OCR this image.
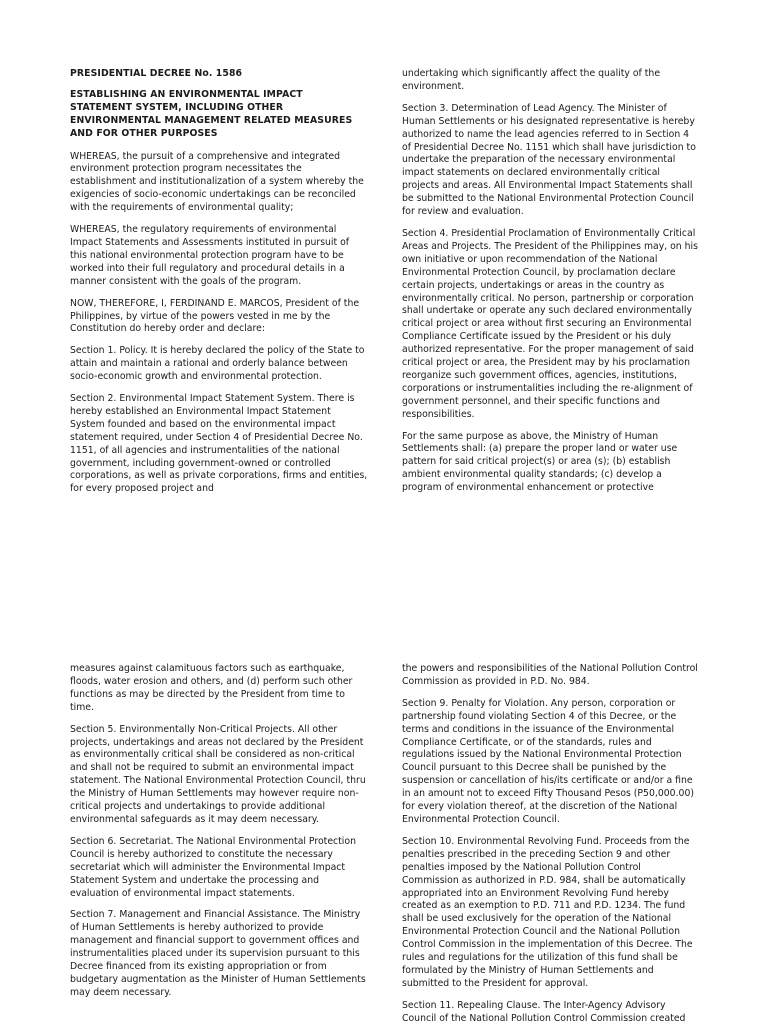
PRESIDENTIAL DECREE No. 1586

ESTABLISHING AN ENVIRONMENTAL IMPACT STATEMENT SYSTEM, INCLUDING OTHER ENVIRONMENTAL MANAGEMENT RELATED MEASURES AND FOR OTHER PURPOSES

WHEREAS, the pursuit of a comprehensive and integrated environment protection program necessitates the establishment and institutionalization of a system whereby the exigencies of socio-economic undertakings can be reconciled with the requirements of environmental quality;

WHEREAS, the regulatory requirements of environmental Impact Statements and Assessments instituted in pursuit of this national environmental protection program have to be worked into their full regulatory and procedural details in a manner consistent with the goals of the program.

NOW, THEREFORE, I, FERDINAND E. MARCOS, President of the Philippines, by virtue of the powers vested in me by the Constitution do hereby order and declare:

Section 1. Policy. It is hereby declared the policy of the State to attain and maintain a rational and orderly balance between socio-economic growth and environmental protection.

Section 2. Environmental Impact Statement System. There is hereby established an Environmental Impact Statement System founded and based on the environmental impact statement required, under Section 4 of Presidential Decree No. 1151, of all agencies and instrumentalities of the national government, including government-owned or controlled corporations, as well as private corporations, firms and entities, for every proposed project and

undertaking which significantly affect the quality of the environment.

Section 3. Determination of Lead Agency. The Minister of Human Settlements or his designated representative is hereby authorized to name the lead agencies referred to in Section 4 of Presidential Decree No. 1151 which shall have jurisdiction to undertake the preparation of the necessary environmental impact statements on declared environmentally critical projects and areas. All Environmental Impact Statements shall be submitted to the National Environmental Protection Council for review and evaluation.

Section 4. Presidential Proclamation of Environmentally Critical Areas and Projects. The President of the Philippines may, on his own initiative or upon recommendation of the National Environmental Protection Council, by proclamation declare certain projects, undertakings or areas in the country as environmentally critical. No person, partnership or corporation shall undertake or operate any such declared environmentally critical project or area without first securing an Environmental Compliance Certificate issued by the President or his duly authorized representative. For the proper management of said critical project or area, the President may by his proclamation reorganize such government offices, agencies, institutions, corporations or instrumentalities including the re-alignment of government personnel, and their specific functions and responsibilities.

For the same purpose as above, the Ministry of Human Settlements shall: (a) prepare the proper land or water use pattern for said critical project(s) or area (s); (b) establish ambient environmental quality standards; (c) develop a program of environmental enhancement or protective

measures against calamituous factors such as earthquake, floods, water erosion and others, and (d) perform such other functions as may be directed by the President from time to time.

Section 5. Environmentally Non-Critical Projects. All other projects, undertakings and areas not declared by the President as environmentally critical shall be considered as non-critical and shall not be required to submit an environmental impact statement. The National Environmental Protection Council, thru the Ministry of Human Settlements may however require non-critical projects and undertakings to provide additional environmental safeguards as it may deem necessary.

Section 6. Secretariat. The National Environmental Protection Council is hereby authorized to constitute the necessary secretariat which will administer the Environmental Impact Statement System and undertake the processing and evaluation of environmental impact statements.

Section 7. Management and Financial Assistance. The Ministry of Human Settlements is hereby authorized to provide management and financial support to government offices and instrumentalities placed under its supervision pursuant to this Decree financed from its existing appropriation or from budgetary augmentation as the Minister of Human Settlements may deem necessary.

the powers and responsibilities of the National Pollution Control Commission as provided in P.D. No. 984.

Section 9. Penalty for Violation. Any person, corporation or partnership found violating Section 4 of this Decree, or the terms and conditions in the issuance of the Environmental Compliance Certificate, or of the standards, rules and regulations issued by the National Environmental Protection Council pursuant to this Decree shall be punished by the suspension or cancellation of his/its certificate or and/or a fine in an amount not to exceed Fifty Thousand Pesos (P50,000.00) for every violation thereof, at the discretion of the National Environmental Protection Council.

Section 10. Environmental Revolving Fund. Proceeds from the penalties prescribed in the preceding Section 9 and other penalties imposed by the National Pollution Control Commission as authorized in P.D. 984, shall be automatically appropriated into an Environment Revolving Fund hereby created as an exemption to P.D. 711 and P.D. 1234. The fund shall be used exclusively for the operation of the National Environmental Protection Council and the National Pollution Control Commission in the implementation of this Decree. The rules and regulations for the utilization of this fund shall be formulated by the Ministry of Human Settlements and submitted to the President for approval.

Section 11. Repealing Clause. The Inter-Agency Advisory Council of the National Pollution Control Commission created
